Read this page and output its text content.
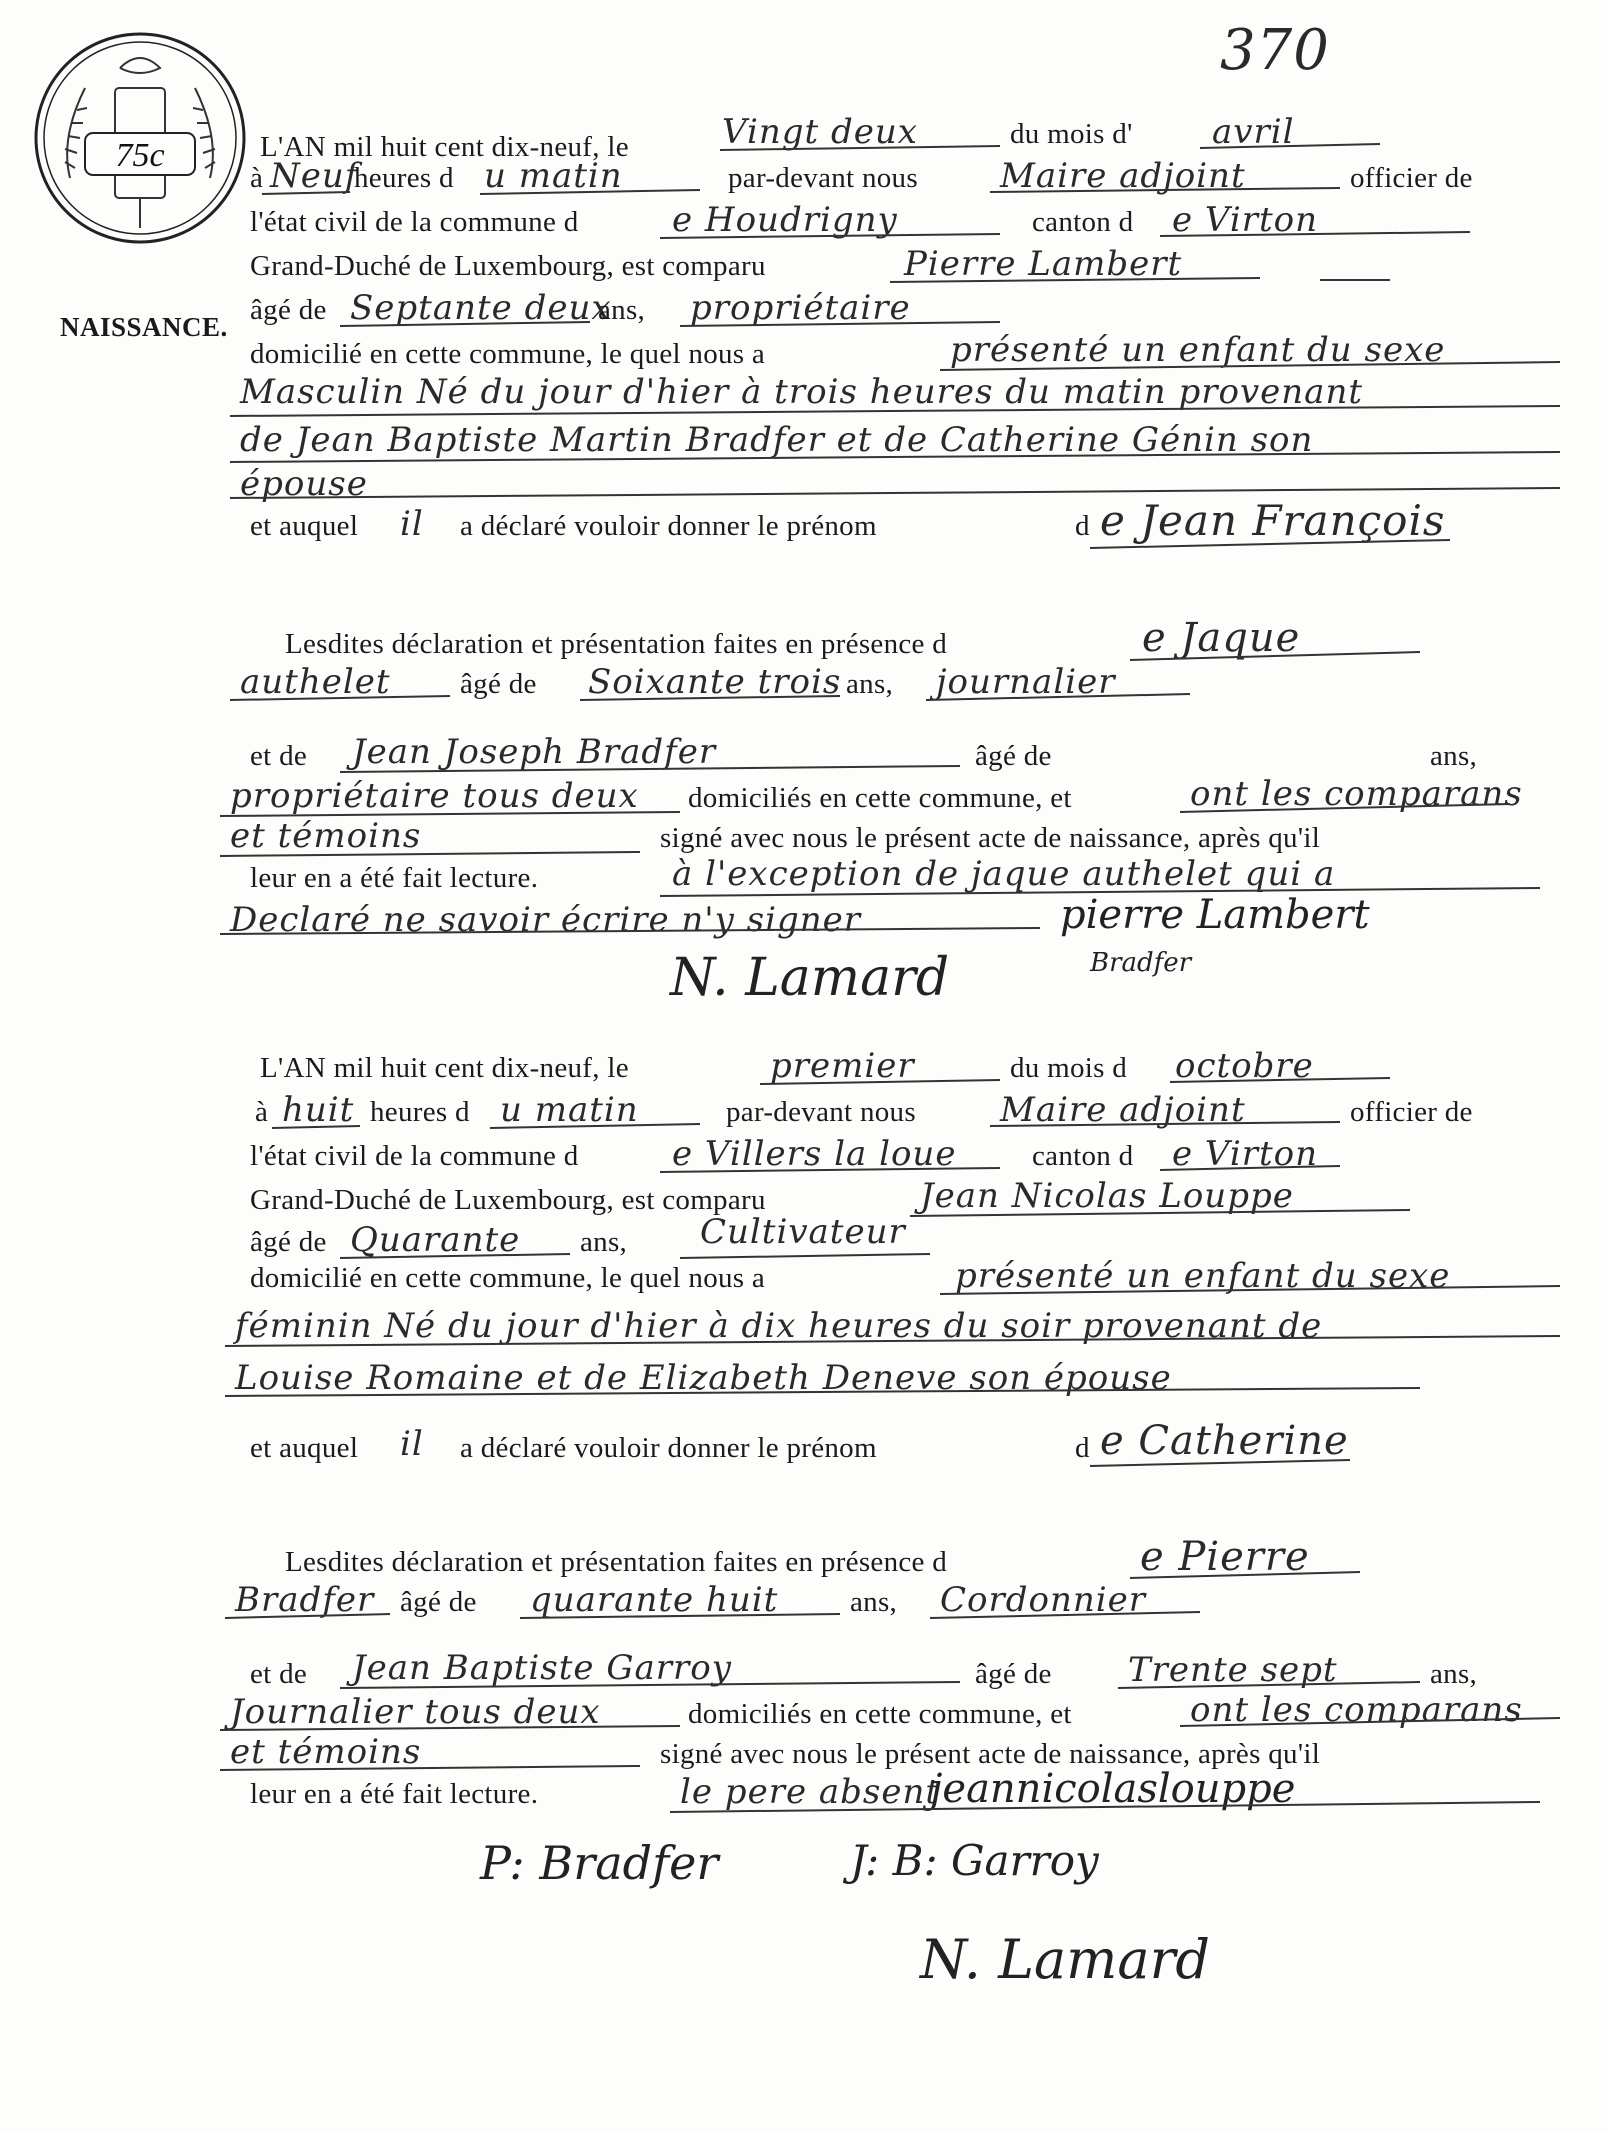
75c
370
NAISSANCE.
L'AN mil huit cent dix-neuf, le	Vingt deux	du mois d' avril
à Neuf
heures d u matin	par-devant nous Maire adjoint	officier de
l'état civil de la commune d	e Houdrigny	canton d e Virton
Grand-Duché de Luxembourg, est comparu	Pierre Lambert
âgé de Septante deux
ans, propriétaire
domicilié en cette commune, le quel nous a	présenté un enfant du sexe
Masculin Né du jour d'hier à trois heures du matin provenant
de Jean Baptiste Martin Bradfer et de Catherine Génin son
épouse
et auquel il a déclaré vouloir donner le prénom	d e Jean François
Lesdites déclaration et présentation faites en présence d	e Jaque
authelet âgé de Soixante trois ans, journalier
et de Jean Joseph Bradfer	âgé de	ans,
propriétaire tous deux domiciliés en cette commune, et	ont les comparans
et témoins	signé avec nous le présent acte de naissance, après qu'il
leur en a été fait lecture.	à l'exception de jaque authelet qui a
Declaré ne savoir écrire n'y signer	pierre Lambert
N. Lamard	Bradfer
L'AN mil huit cent dix-neuf, le	premier	du mois d octobre
à huit heures d u matin	par-devant nous Maire adjoint	officier de
l'état civil de la commune d	e Villers la loue	canton d e Virton
Grand-Duché de Luxembourg, est comparu	Jean Nicolas Louppe
âgé de Quarante ans, Cultivateur
domicilié en cette commune, le quel nous a	présenté un enfant du sexe
féminin Né du jour d'hier à dix heures du soir provenant de
Louise Romaine et de Elizabeth Deneve son épouse
et auquel il a déclaré vouloir donner le prénom	d e Catherine
Lesdites déclaration et présentation faites en présence d	e Pierre
Bradfer âgé de quarante huit ans, Cordonnier
et de Jean Baptiste Garroy	âgé de Trente sept	ans,
Journalier tous deux	domiciliés en cette commune, et	ont les comparans
et témoins	signé avec nous le présent acte de naissance, après qu'il
leur en a été fait lecture.	le pere absent
jeannicolaslouppe
P: Bradfer	J: B: Garroy
N. Lamard
